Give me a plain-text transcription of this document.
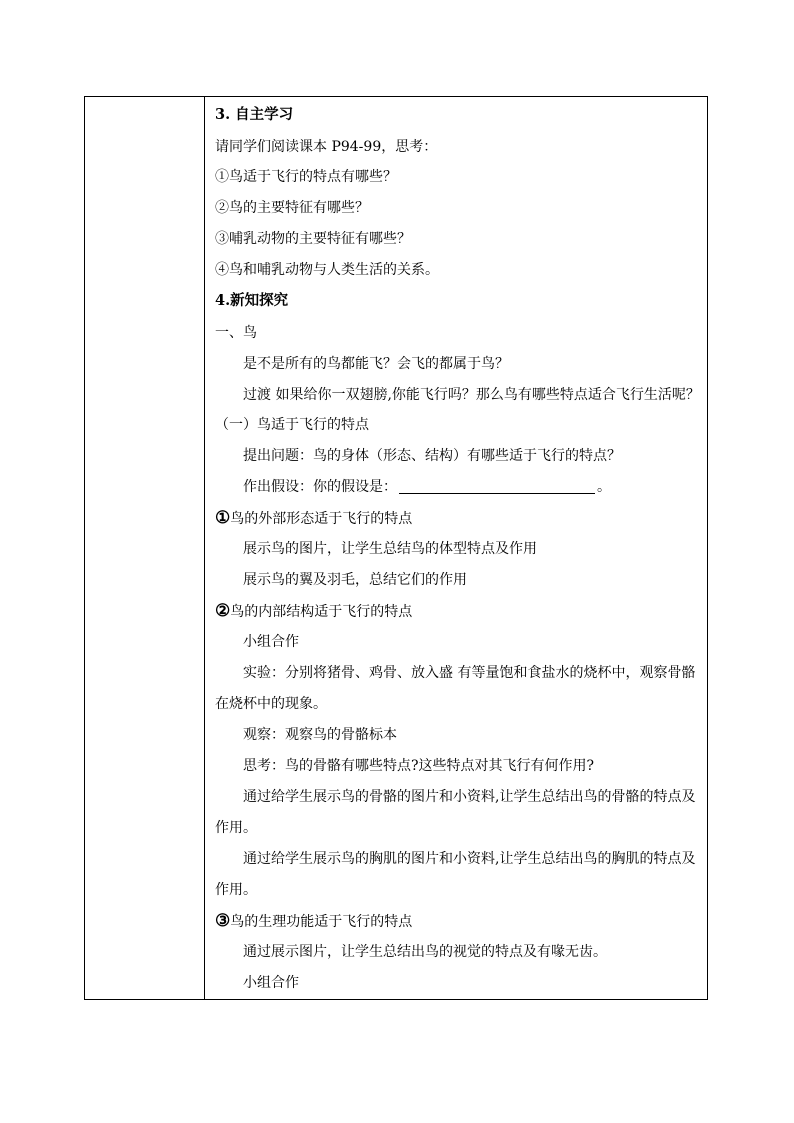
3. 自主学习
请同学们阅读课本 P94-99，思考：
①鸟适于飞行的特点有哪些？
②鸟的主要特征有哪些？
③哺乳动物的主要特征有哪些？
④鸟和哺乳动物与人类生活的关系。
4.新知探究
一、鸟
是不是所有的鸟都能飞？会飞的都属于鸟？
过渡 如果给你一双翅膀,你能飞行吗？那么鸟有哪些特点适合飞行生活呢？
（一）鸟适于飞行的特点
提出问题：鸟的身体（形态、结构）有哪些适于飞行的特点？
作出假设：你的假设是：	。
①鸟的外部形态适于飞行的特点
展示鸟的图片，让学生总结鸟的体型特点及作用
展示鸟的翼及羽毛，总结它们的作用
②鸟的内部结构适于飞行的特点
小组合作
实验：分别将猪骨、鸡骨、放入盛 有等量饱和食盐水的烧杯中，观察骨骼
在烧杯中的现象。
观察：观察鸟的骨骼标本
思考：鸟的骨骼有哪些特点?这些特点对其飞行有何作用?
通过给学生展示鸟的骨骼的图片和小资料,让学生总结出鸟的骨骼的特点及
作用。
通过给学生展示鸟的胸肌的图片和小资料,让学生总结出鸟的胸肌的特点及
作用。
③鸟的生理功能适于飞行的特点
通过展示图片，让学生总结出鸟的视觉的特点及有喙无齿。
小组合作
